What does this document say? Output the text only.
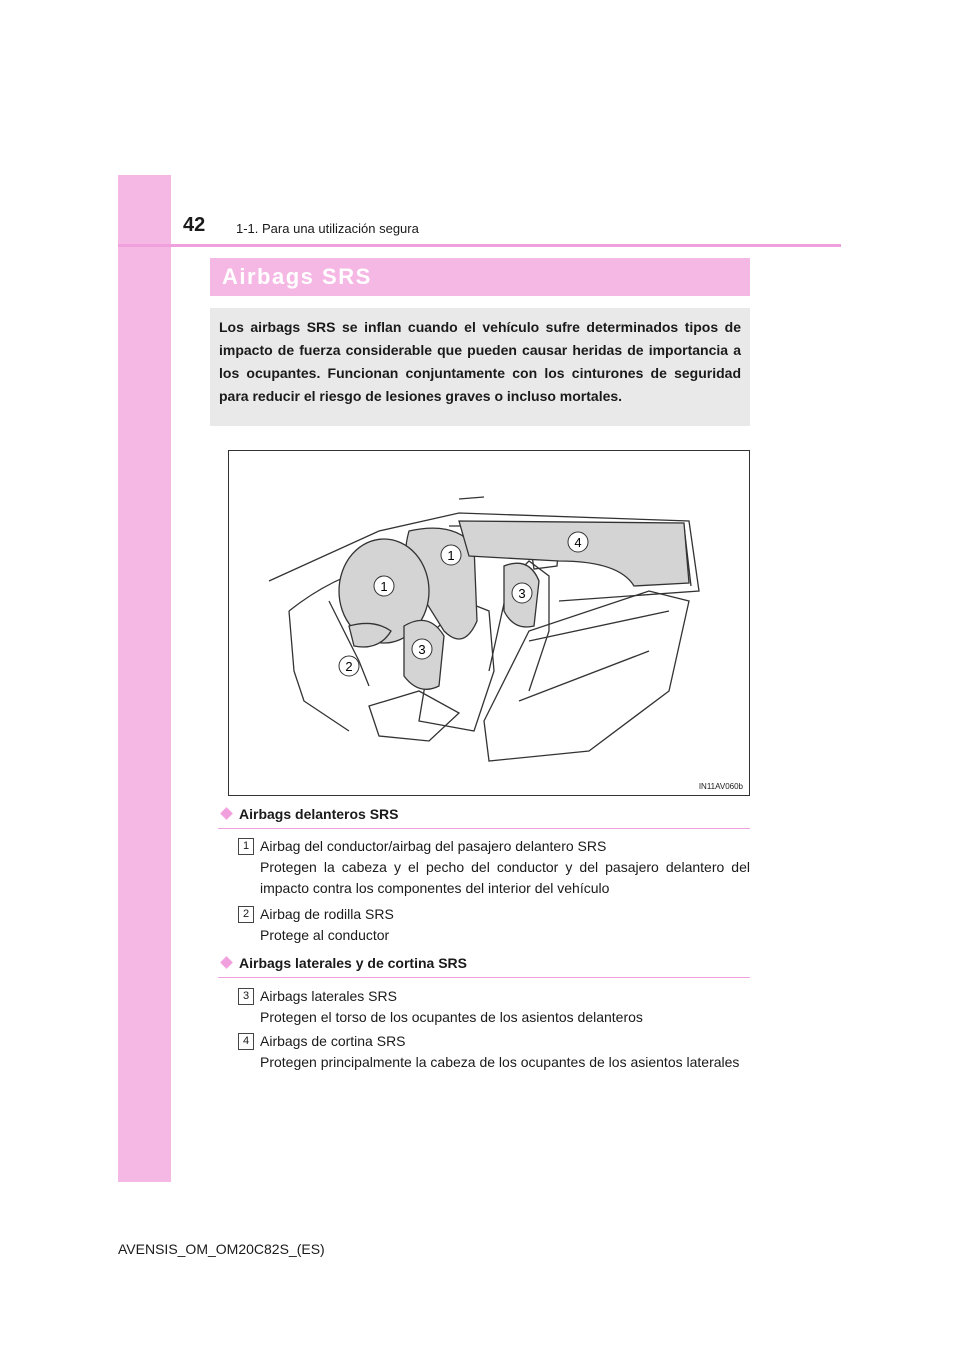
42 1-1. Para una utilización segura
Airbags SRS
Los airbags SRS se inflan cuando el vehículo sufre determinados tipos de impacto de fuerza considerable que pueden causar heridas de importancia a los ocupantes. Funcionan conjuntamente con los cinturones de seguridad para reducir el riesgo de lesiones graves o incluso mortales.
1
1
2
3
3
4
IN11AV060b
Airbags delanteros SRS
1 Airbag del conductor/airbag del pasajero delantero SRS
Protegen la cabeza y el pecho del conductor y del pasajero delantero del impacto contra los componentes del interior del vehículo
2 Airbag de rodilla SRS
Protege al conductor
Airbags laterales y de cortina SRS
3 Airbags laterales SRS
Protegen el torso de los ocupantes de los asientos delanteros
4 Airbags de cortina SRS
Protegen principalmente la cabeza de los ocupantes de los asientos laterales
AVENSIS_OM_OM20C82S_(ES)
